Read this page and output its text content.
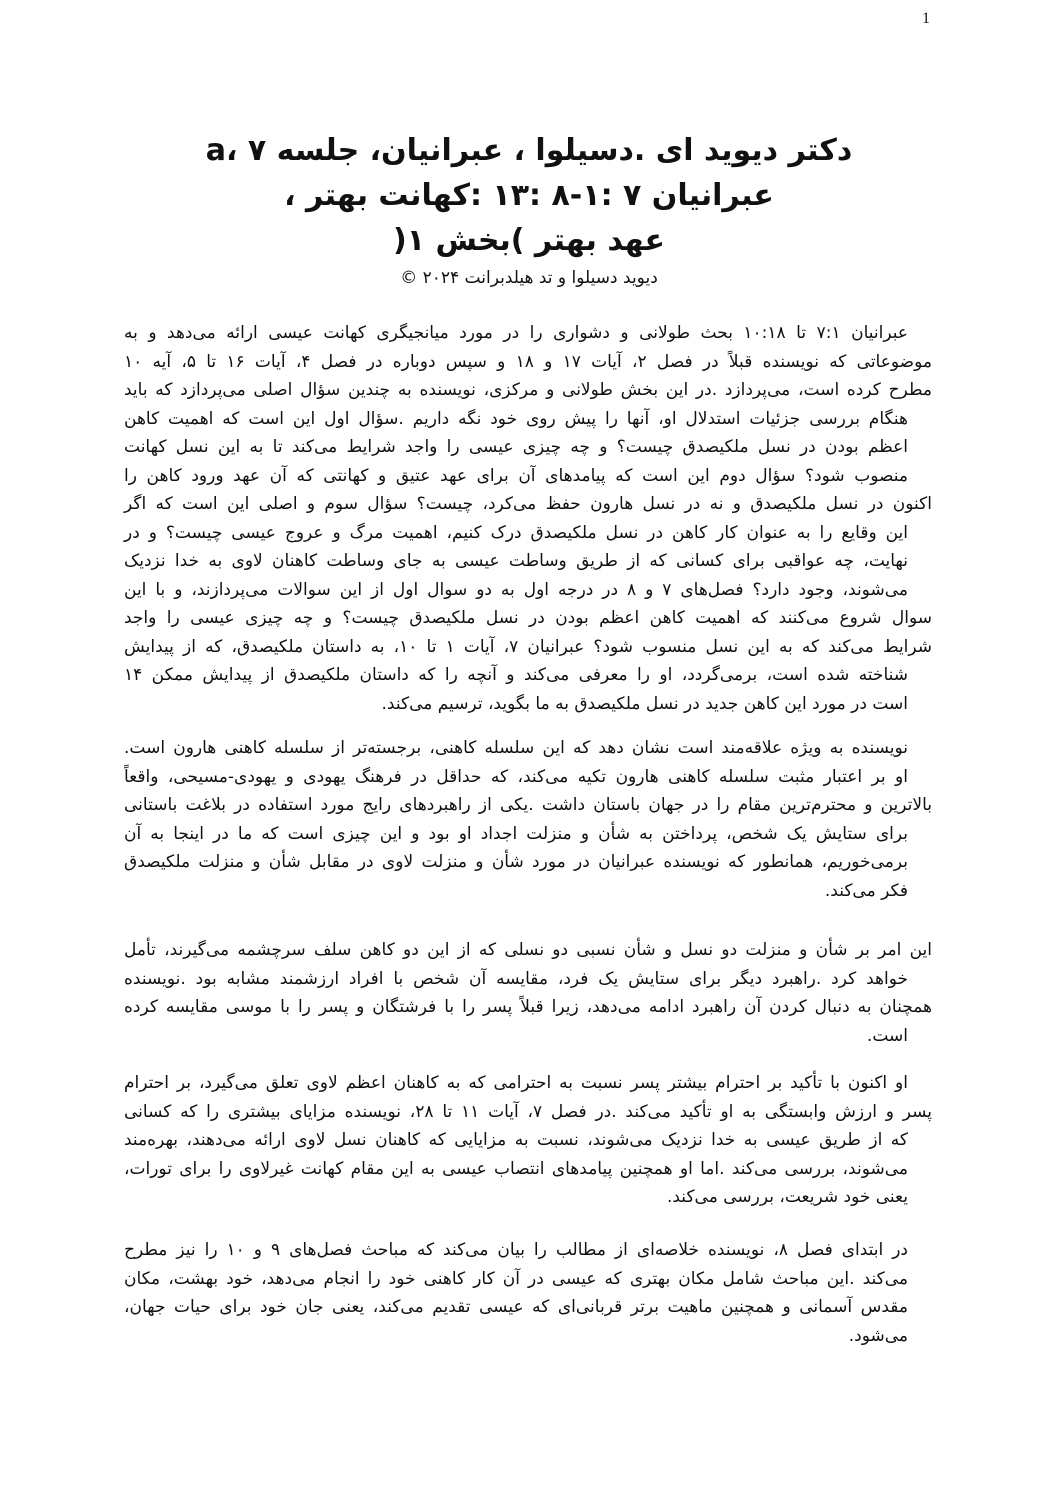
1
دکتر دیوید ای .دسیلوا ، عبرانیان، جلسه ۷ ،a
عبرانیان ۷ :۱-۸ :۱۳ :کهانت بهتر ،
عهد بهتر )بخش ۱(
دیوید دسیلوا و تد هیلدبرانت ۲۰۲۴ ©
عبرانیان ۷:۱ تا ۱۰:۱۸ بحث طولانی و دشواری را در مورد میانجیگری کهانت عیسی ارائه می‌دهد و به
موضوعاتی که نویسنده قبلاً در فصل ۲، آیات ۱۷ و ۱۸ و سپس دوباره در فصل ۴، آیات ۱۶ تا ۵، آیه ۱۰
مطرح کرده است، می‌پردازد .در این بخش طولانی و مرکزی، نویسنده به چندین سؤال اصلی می‌پردازد که باید
هنگام بررسی جزئیات استدلال او، آنها را پیش روی خود نگه داریم .سؤال اول این است که اهمیت کاهن
اعظم بودن در نسل ملکیصدق چیست؟ و چه چیزی عیسی را واجد شرایط می‌کند تا به این نسل کهانت
منصوب شود؟ سؤال دوم این است که پیامدهای آن برای عهد عتیق و کهانتی که آن عهد ورود کاهن را
اکنون در نسل ملکیصدق و نه در نسل هارون حفظ می‌کرد، چیست؟ سؤال سوم و اصلی این است که اگر
این وقایع را به عنوان کار کاهن در نسل ملکیصدق درک کنیم، اهمیت مرگ و عروج عیسی چیست؟ و در
نهایت، چه عواقبی برای کسانی که از طریق وساطت عیسی به جای وساطت کاهنان لاوی به خدا نزدیک
می‌شوند، وجود دارد؟ فصل‌های ۷ و ۸ در درجه اول به دو سوال اول از این سوالات می‌پردازند، و با این
سوال شروع می‌کنند که اهمیت کاهن اعظم بودن در نسل ملکیصدق چیست؟ و چه چیزی عیسی را واجد
شرایط می‌کند که به این نسل منسوب شود؟ عبرانیان ۷، آیات ۱ تا ۱۰، به داستان ملکیصدق، که از پیدایش
شناخته شده است، برمی‌گردد، او را معرفی می‌کند و آنچه را که داستان ملکیصدق از پیدایش ممکن ۱۴
است در مورد این کاهن جدید در نسل ملکیصدق به ما بگوید، ترسیم می‌کند.
نویسنده به ویژه علاقه‌مند است نشان دهد که این سلسله کاهنی، برجسته‌تر از سلسله کاهنی هارون است.
او بر اعتبار مثبت سلسله کاهنی هارون تکیه می‌کند، که حداقل در فرهنگ یهودی و یهودی-مسیحی، واقعاً
بالاترین و محترم‌ترین مقام را در جهان باستان داشت .یکی از راهبردهای رایج مورد استفاده در بلاغت باستانی
برای ستایش یک شخص، پرداختن به شأن و منزلت اجداد او بود و این چیزی است که ما در اینجا به آن
برمی‌خوریم، همانطور که نویسنده عبرانیان در مورد شأن و منزلت لاوی در مقابل شأن و منزلت ملکیصدق
فکر می‌کند.
این امر بر شأن و منزلت دو نسل و شأن نسبی دو نسلی که از این دو کاهن سلف سرچشمه می‌گیرند، تأمل
خواهد کرد .راهبرد دیگر برای ستایش یک فرد، مقایسه آن شخص با افراد ارزشمند مشابه بود .نویسنده
همچنان به دنبال کردن آن راهبرد ادامه می‌دهد، زیرا قبلاً پسر را با فرشتگان و پسر را با موسی مقایسه کرده
است.
او اکنون با تأکید بر احترام بیشتر پسر نسبت به احترامی که به کاهنان اعظم لاوی تعلق می‌گیرد، بر احترام
پسر و ارزش وابستگی به او تأکید می‌کند .در فصل ۷، آیات ۱۱ تا ۲۸، نویسنده مزایای بیشتری را که کسانی
که از طریق عیسی به خدا نزدیک می‌شوند، نسبت به مزایایی که کاهنان نسل لاوی ارائه می‌دهند، بهره‌مند
می‌شوند، بررسی می‌کند .اما او همچنین پیامدهای انتصاب عیسی به این مقام کهانت غیرلاوی را برای تورات،
یعنی خود شریعت، بررسی می‌کند.
در ابتدای فصل ۸، نویسنده خلاصه‌ای از مطالب را بیان می‌کند که مباحث فصل‌های ۹ و ۱۰ را نیز مطرح
می‌کند .این مباحث شامل مکان بهتری که عیسی در آن کار کاهنی خود را انجام می‌دهد، خود بهشت، مکان
مقدس آسمانی و همچنین ماهیت برتر قربانی‌ای که عیسی تقدیم می‌کند، یعنی جان خود برای حیات جهان،
می‌شود.
